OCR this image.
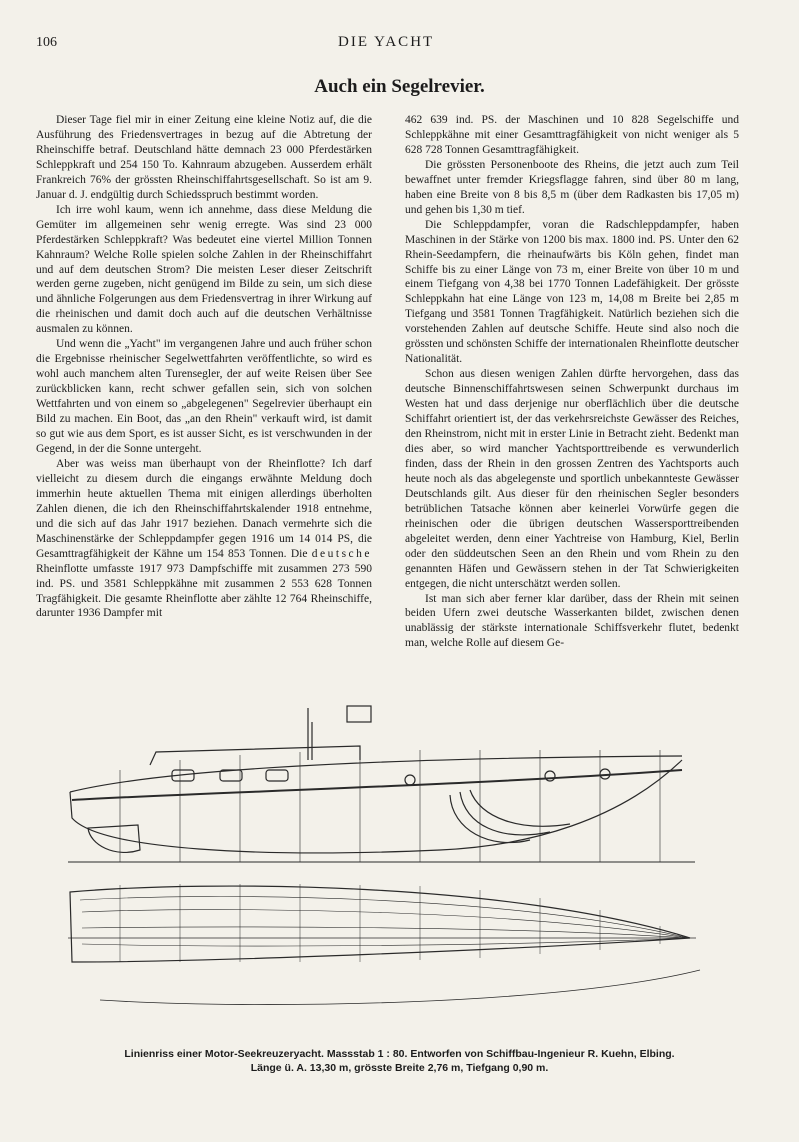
106	DIE YACHT
Auch ein Segelrevier.

Dieser Tage fiel mir in einer Zeitung eine kleine Notiz auf, die die Ausführung des Friedensvertrages in bezug auf die Abtretung der Rheinschiffe betraf. Deutschland hätte demnach 23 000 Pferdestärken Schleppkraft und 254 150 To. Kahnraum abzugeben. Ausserdem erhält Frankreich 76% der grössten Rheinschiffahrtsgesellschaft. So ist am 9. Januar d. J. endgültig durch Schiedsspruch bestimmt worden.

Ich irre wohl kaum, wenn ich annehme, dass diese Meldung die Gemüter im allgemeinen sehr wenig erregte. Was sind 23 000 Pferdestärken Schleppkraft? Was bedeutet eine viertel Million Tonnen Kahnraum? Welche Rolle spielen solche Zahlen in der Rheinschiffahrt und auf dem deutschen Strom? Die meisten Leser dieser Zeitschrift werden gerne zugeben, nicht genügend im Bilde zu sein, um sich diese und ähnliche Folgerungen aus dem Friedensvertrag in ihrer Wirkung auf die rheinischen und damit doch auch auf die deutschen Verhältnisse ausmalen zu können.

Und wenn die „Yacht" im vergangenen Jahre und auch früher schon die Ergebnisse rheinischer Segelwettfahrten veröffentlichte, so wird es wohl auch manchem alten Turensegler, der auf weite Reisen über See zurückblicken kann, recht schwer gefallen sein, sich von solchen Wettfahrten und von einem so „abgelegenen" Segelrevier überhaupt ein Bild zu machen. Ein Boot, das „an den Rhein" verkauft wird, ist damit so gut wie aus dem Sport, es ist ausser Sicht, es ist verschwunden in der Gegend, in der die Sonne untergeht.

Aber was weiss man überhaupt von der Rheinflotte? Ich darf vielleicht zu diesem durch die eingangs erwähnte Meldung doch immerhin heute aktuellen Thema mit einigen allerdings überholten Zahlen dienen, die ich den Rheinschiffahrtskalender 1918 entnehme, und die sich auf das Jahr 1917 beziehen. Danach vermehrte sich die Maschinenstärke der Schleppdampfer gegen 1916 um 14 014 PS, die Gesamttragfähigkeit der Kähne um 154 853 Tonnen. Die deutsche Rheinflotte umfasste 1917 973 Dampfschiffe mit zusammen 273 590 ind. PS. und 3581 Schleppkähne mit zusammen 2 553 628 Tonnen Tragfähigkeit. Die gesamte Rheinflotte aber zählte 12 764 Rheinschiffe, darunter 1936 Dampfer mit

462 639 ind. PS. der Maschinen und 10 828 Segelschiffe und Schleppkähne mit einer Gesamttragfähigkeit von nicht weniger als 5 628 728 Tonnen Gesamttragfähigkeit.

Die grössten Personenboote des Rheins, die jetzt auch zum Teil bewaffnet unter fremder Kriegsflagge fahren, sind über 80 m lang, haben eine Breite von 8 bis 8,5 m (über dem Radkasten bis 17,05 m) und gehen bis 1,30 m tief.

Die Schleppdampfer, voran die Radschleppdampfer, haben Maschinen in der Stärke von 1200 bis max. 1800 ind. PS. Unter den 62 Rhein-Seedampfern, die rheinaufwärts bis Köln gehen, findet man Schiffe bis zu einer Länge von 73 m, einer Breite von über 10 m und einem Tiefgang von 4,38 bei 1770 Tonnen Ladefähigkeit. Der grösste Schleppkahn hat eine Länge von 123 m, 14,08 m Breite bei 2,85 m Tiefgang und 3581 Tonnen Tragfähigkeit. Natürlich beziehen sich die vorstehenden Zahlen auf deutsche Schiffe. Heute sind also noch die grössten und schönsten Schiffe der internationalen Rheinflotte deutscher Nationalität.

Schon aus diesen wenigen Zahlen dürfte hervorgehen, dass das deutsche Binnenschiffahrtswesen seinen Schwerpunkt durchaus im Westen hat und dass derjenige nur oberflächlich über die deutsche Schiffahrt orientiert ist, der das verkehrsreichste Gewässer des Reiches, den Rheinstrom, nicht mit in erster Linie in Betracht zieht. Bedenkt man dies aber, so wird mancher Yachtsporttreibende es verwunderlich finden, dass der Rhein in den grossen Zentren des Yachtsports auch heute noch als das abgelegenste und sportlich unbekannteste Gewässer Deutschlands gilt. Aus dieser für den rheinischen Segler besonders betrüblichen Tatsache können aber keinerlei Vorwürfe gegen die rheinischen oder die übrigen deutschen Wassersporttreibenden abgeleitet werden, denn einer Yachtreise von Hamburg, Kiel, Berlin oder den süddeutschen Seen an den Rhein und vom Rhein zu den genannten Häfen und Gewässern stehen in der Tat Schwierigkeiten entgegen, die nicht unterschätzt werden sollen.

Ist man sich aber ferner klar darüber, dass der Rhein mit seinen beiden Ufern zwei deutsche Wasserkanten bildet, zwischen denen unablässig der stärkste internationale Schiffsverkehr flutet, bedenkt man, welche Rolle auf diesem Ge-

Linienriss einer Motor-Seekreuzeryacht. Massstab 1 : 80. Entworfen von Schiffbau-Ingenieur R. Kuehn, Elbing.
Länge ü. A. 13,30 m, grösste Breite 2,76 m, Tiefgang 0,90 m.
